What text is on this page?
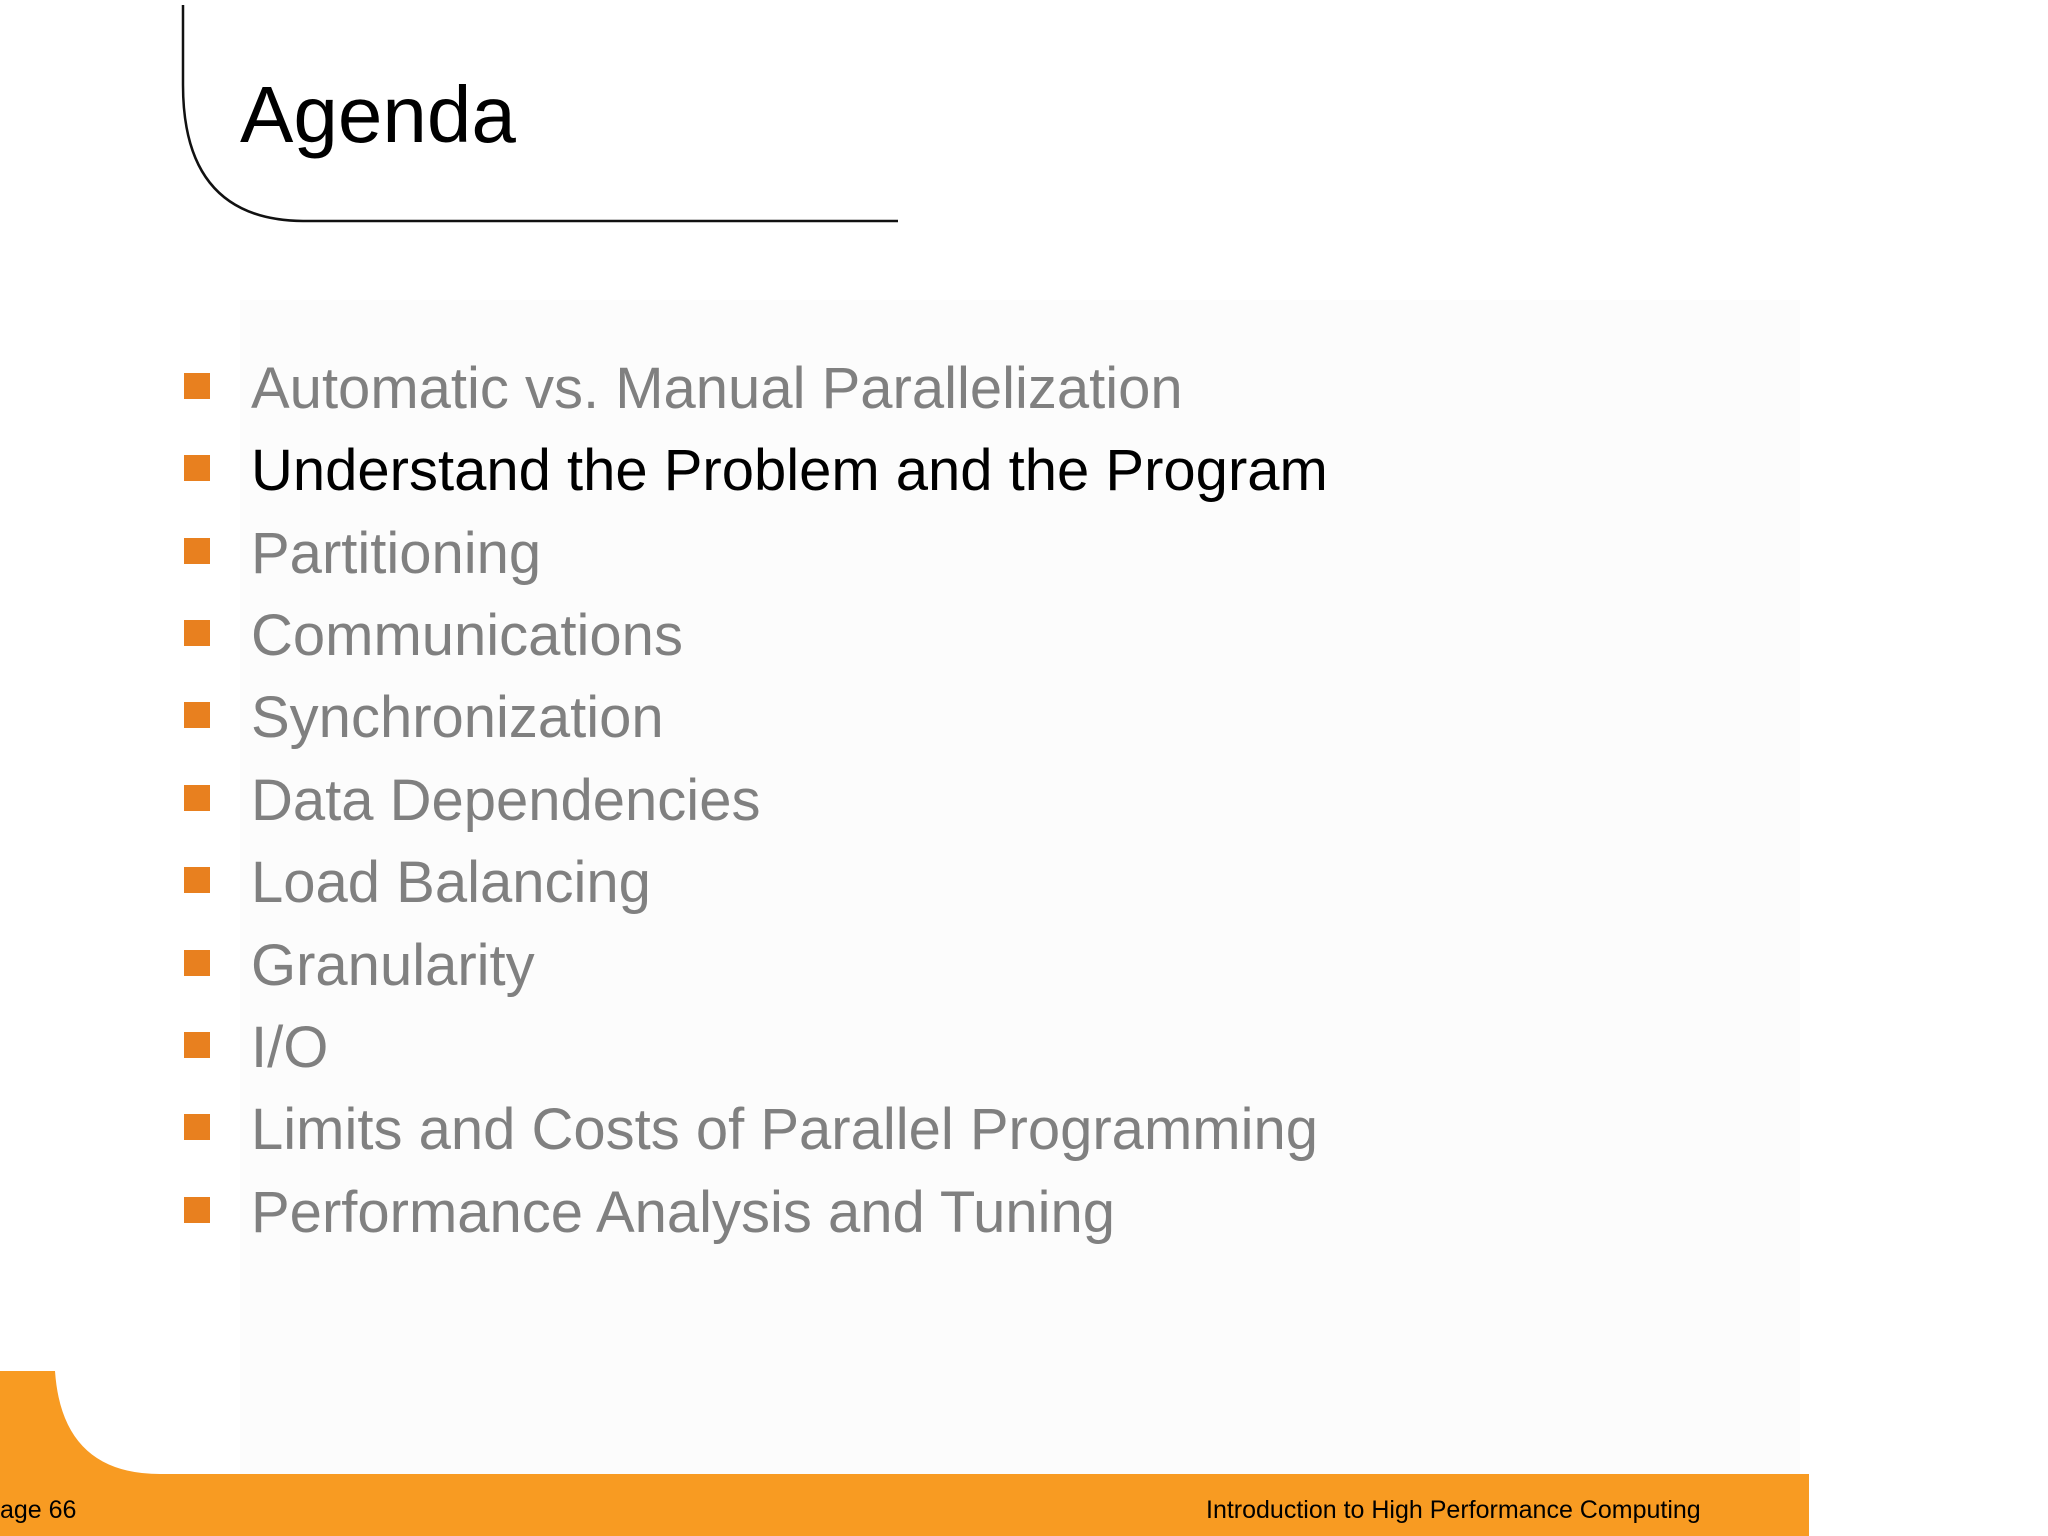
Agenda
Automatic vs. Manual Parallelization
Understand the Problem and the Program
Partitioning
Communications
Synchronization
Data Dependencies
Load Balancing
Granularity
I/O
Limits and Costs of Parallel Programming
Performance Analysis and Tuning
age 66	Introduction to High Performance Computing
